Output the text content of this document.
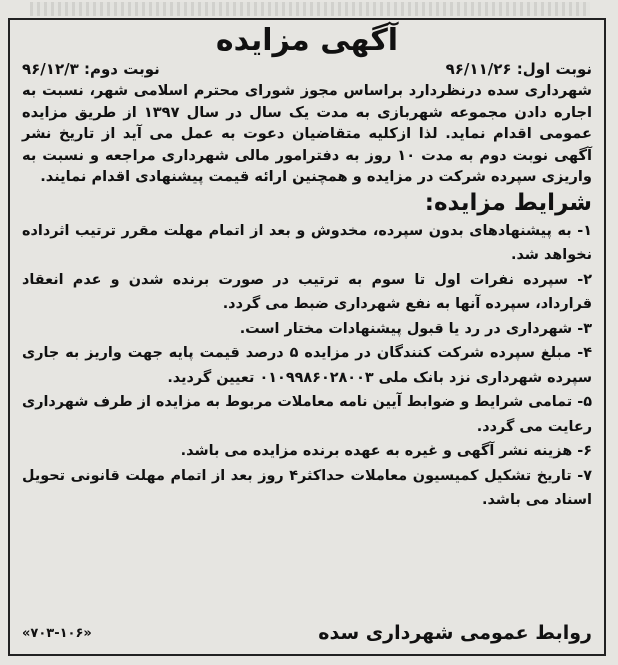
آگهی مزایده
نوبت اول: ۹۶/۱۱/۲۶
نوبت دوم: ۹۶/۱۲/۳
شهرداری سده درنظردارد براساس مجوز شورای محترم اسلامی شهر، نسبت به اجاره دادن مجموعه شهربازی به مدت یک سال در سال ۱۳۹۷ از طریق مزایده عمومی اقدام نماید. لذا ازکلیه متقاضیان دعوت به عمل می آید از تاریخ نشر آگهی نوبت دوم به مدت ۱۰ روز به دفترامور مالی شهرداری مراجعه و نسبت به واریزی سپرده شرکت در مزایده و همچنین ارائه قیمت پیشنهادی اقدام نمایند.
شرایط مزایده:
۱- به پیشنهادهای بدون سپرده، مخدوش و بعد از اتمام مهلت مقرر ترتیب اثرداده نخواهد شد.
۲- سپرده نفرات اول تا سوم به ترتیب در صورت برنده شدن و عدم انعقاد قرارداد، سپرده آنها به نفع شهرداری ضبط می گردد.
۳- شهرداری در رد یا قبول پیشنهادات مختار است.
۴- مبلغ سپرده شرکت کنندگان در مزایده ۵ درصد قیمت پایه جهت واریز به جاری سپرده شهرداری نزد بانک ملی ۰۱۰۹۹۸۶۰۲۸۰۰۳ تعیین گردید.
۵- تمامی شرایط و ضوابط آیین نامه معاملات مربوط به مزایده از طرف شهرداری رعایت می گردد.
۶- هزینه نشر آگهی و غیره به عهده برنده مزایده می باشد.
۷- تاریخ تشکیل کمیسیون معاملات حداکثر۴ روز بعد از اتمام مهلت قانونی تحویل اسناد می باشد.
روابط عمومی شهرداری سده
«۷۰۳-۱۰۶»
